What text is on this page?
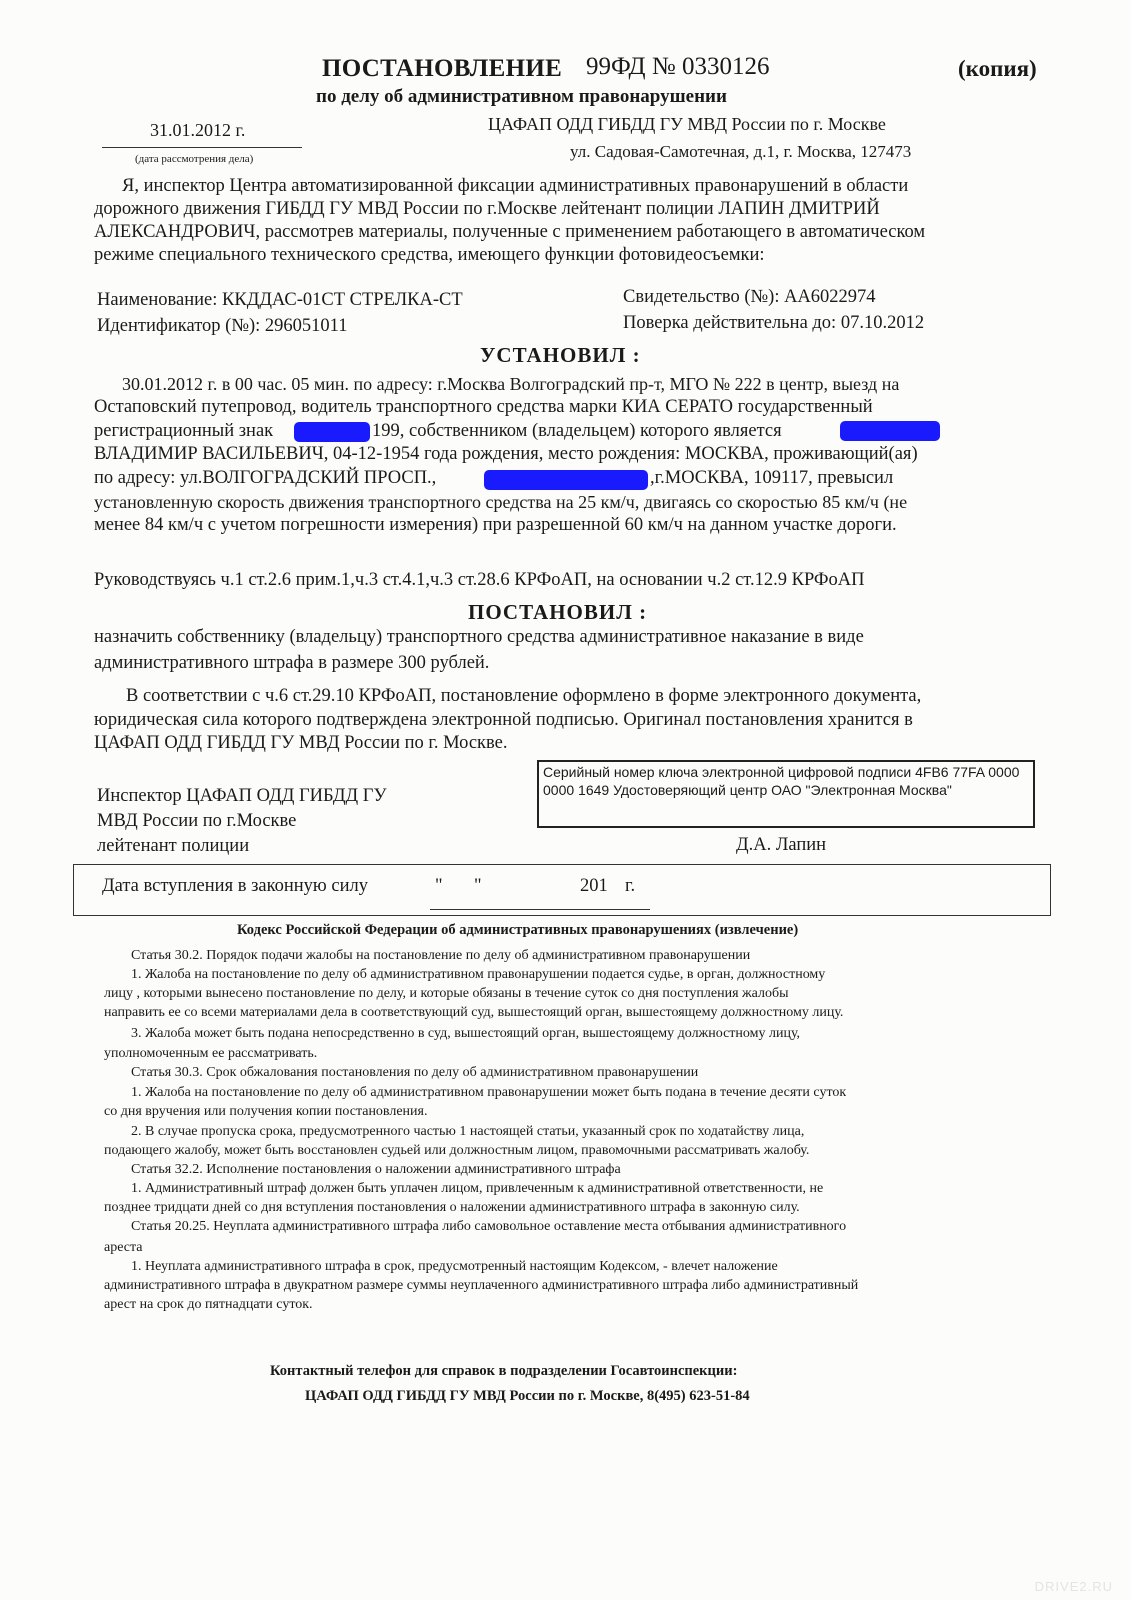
ПОСТАНОВЛЕНИЕ 99ФД № 0330126	(копия)
по делу об административном правонарушении
31.01.2012 г.
(дата рассмотрения дела)
ЦАФАП ОДД ГИБДД ГУ МВД России по г. Москве
ул. Садовая-Самотечная, д.1, г. Москва, 127473
Я, инспектор Центра автоматизированной фиксации административных правонарушений в области
дорожного движения ГИБДД ГУ МВД России по г.Москве лейтенант полиции ЛАПИН ДМИТРИЙ
АЛЕКСАНДРОВИЧ, рассмотрев материалы, полученные с применением работающего в автоматическом
режиме специального технического средства, имеющего функции фотовидеосъемки:
Наименование: ККДДАС-01СТ СТРЕЛКА-СТ
Идентификатор (№): 296051011
Свидетельство (№): АА6022974
Поверка действительна до: 07.10.2012
УСТАНОВИЛ :
30.01.2012 г. в 00 час. 05 мин. по адресу: г.Москва Волгоградский пр-т, МГО № 222 в центр, выезд на
Остаповский путепровод, водитель транспортного средства марки КИА СЕРАТО государственный
регистрационный знак	199, собственником (владельцем) которого является
ВЛАДИМИР ВАСИЛЬЕВИЧ, 04-12-1954 года рождения, место рождения: МОСКВА, проживающий(ая)
по адресу: ул.ВОЛГОГРАДСКИЙ ПРОСП.,	,г.МОСКВА, 109117, превысил
установленную скорость движения транспортного средства на 25 км/ч, двигаясь со скоростью 85 км/ч (не
менее 84 км/ч с учетом погрешности измерения) при разрешенной 60 км/ч на данном участке дороги.
Руководствуясь ч.1 ст.2.6 прим.1,ч.3 ст.4.1,ч.3 ст.28.6 КРФоАП, на основании ч.2 ст.12.9 КРФоАП
ПОСТАНОВИЛ :
назначить собственнику (владельцу) транспортного средства административное наказание в виде
административного штрафа в размере 300 рублей.
В соответствии с ч.6 ст.29.10 КРФоАП, постановление оформлено в форме электронного документа,
юридическая сила которого подтверждена электронной подписью. Оригинал постановления хранится в
ЦАФАП ОДД ГИБДД ГУ МВД России по г. Москве.
Серийный номер ключа электронной цифровой подписи 4FB6 77FA 0000 0000 1649 Удостоверяющий центр ОАО "Электронная Москва"
Инспектор ЦАФАП ОДД ГИБДД ГУ
МВД России по г.Москве
лейтенант полиции	Д.А. Лапин
Дата вступления в законную силу	" "	201 г.
Кодекс Российской Федерации об административных правонарушениях (извлечение)
Статья 30.2. Порядок подачи жалобы на постановление по делу об административном правонарушении
1. Жалоба на постановление по делу об административном правонарушении подается судье, в орган, должностному
лицу , которыми вынесено постановление по делу, и которые обязаны в течение суток со дня поступления жалобы
направить ее со всеми материалами дела в соответствующий суд, вышестоящий орган, вышестоящему должностному лицу.
3. Жалоба может быть подана непосредственно в суд, вышестоящий орган, вышестоящему должностному лицу,
уполномоченным ее рассматривать.
Статья 30.3. Срок обжалования постановления по делу об административном правонарушении
1. Жалоба на постановление по делу об административном правонарушении может быть подана в течение десяти суток
со дня вручения или получения копии постановления.
2. В случае пропуска срока, предусмотренного частью 1 настоящей статьи, указанный срок по ходатайству лица,
подающего жалобу, может быть восстановлен судьей или должностным лицом, правомочными рассматривать жалобу.
Статья 32.2. Исполнение постановления о наложении административного штрафа
1. Административный штраф должен быть уплачен лицом, привлеченным к административной ответственности, не
позднее тридцати дней со дня вступления постановления о наложении административного штрафа в законную силу.
Статья 20.25. Неуплата административного штрафа либо самовольное оставление места отбывания административного
ареста
1. Неуплата административного штрафа в срок, предусмотренный настоящим Кодексом, - влечет наложение
административного штрафа в двукратном размере суммы неуплаченного административного штрафа либо административный
арест на срок до пятнадцати суток.
Контактный телефон для справок в подразделении Госавтоинспекции:
ЦАФАП ОДД ГИБДД ГУ МВД России по г. Москве, 8(495) 623-51-84
DRIVE2.RU
